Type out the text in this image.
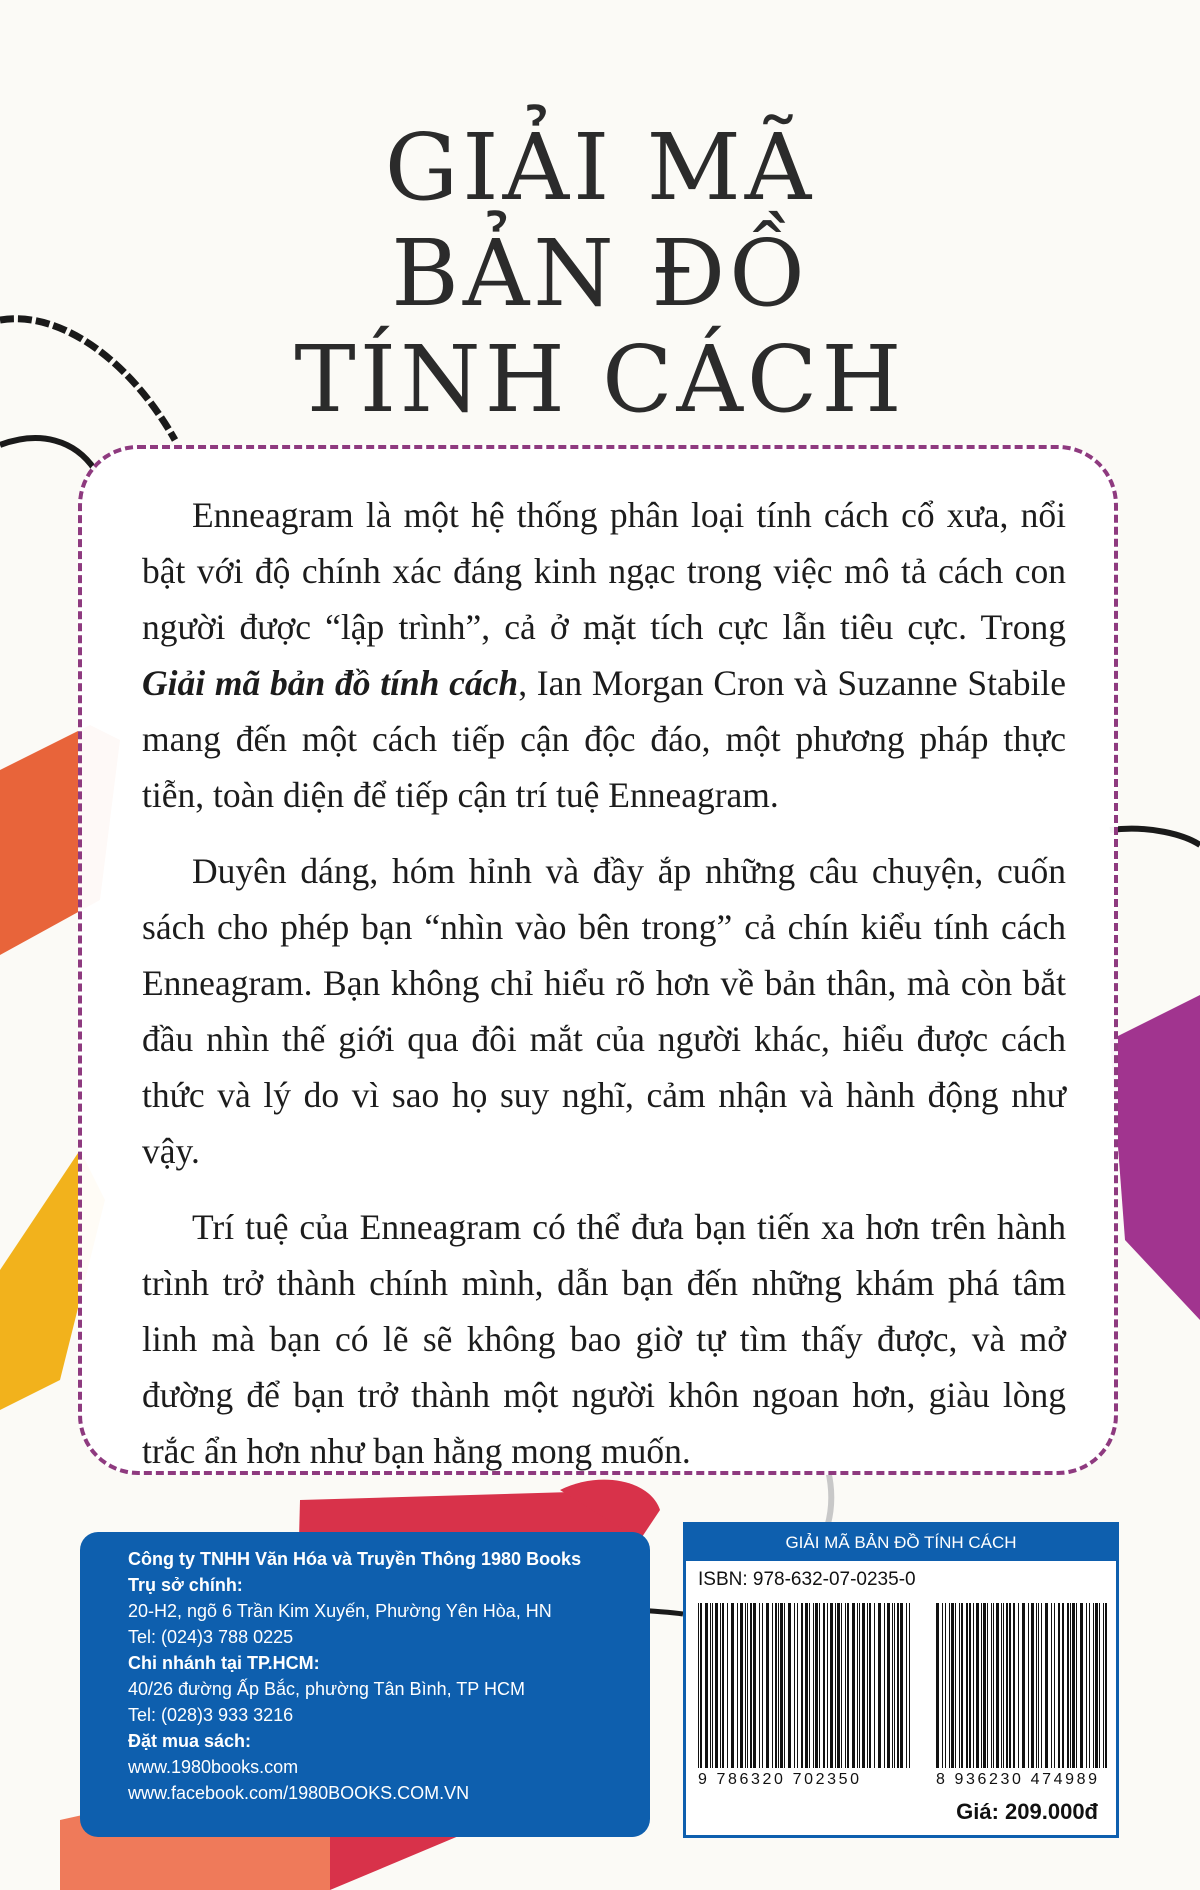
GIẢI MÃ
BẢN ĐỒ
TÍNH CÁCH

Enneagram là một hệ thống phân loại tính cách cổ xưa, nổi bật với độ chính xác đáng kinh ngạc trong việc mô tả cách con người được “lập trình”, cả ở mặt tích cực lẫn tiêu cực. Trong Giải mã bản đồ tính cách, Ian Morgan Cron và Suzanne Stabile mang đến một cách tiếp cận độc đáo, một phương pháp thực tiễn, toàn diện để tiếp cận trí tuệ Enneagram.

Duyên dáng, hóm hỉnh và đầy ắp những câu chuyện, cuốn sách cho phép bạn “nhìn vào bên trong” cả chín kiểu tính cách Enneagram. Bạn không chỉ hiểu rõ hơn về bản thân, mà còn bắt đầu nhìn thế giới qua đôi mắt của người khác, hiểu được cách thức và lý do vì sao họ suy nghĩ, cảm nhận và hành động như vậy.

Trí tuệ của Enneagram có thể đưa bạn tiến xa hơn trên hành trình trở thành chính mình, dẫn bạn đến những khám phá tâm linh mà bạn có lẽ sẽ không bao giờ tự tìm thấy được, và mở đường để bạn trở thành một người khôn ngoan hơn, giàu lòng trắc ẩn hơn như bạn hằng mong muốn.

Công ty TNHH Văn Hóa và Truyền Thông 1980 Books
Trụ sở chính:
20-H2, ngõ 6 Trần Kim Xuyến, Phường Yên Hòa, HN
Tel: (024)3 788 0225
Chi nhánh tại TP.HCM:
40/26 đường Ấp Bắc, phường Tân Bình, TP HCM
Tel: (028)3 933 3216
Đặt mua sách:
www.1980books.com
www.facebook.com/1980BOOKS.COM.VN
GIẢI MÃ BẢN ĐỒ TÍNH CÁCH
ISBN: 978-632-07-0235-0
9 786320 702350	8 936230 474989
Giá: 209.000đ
